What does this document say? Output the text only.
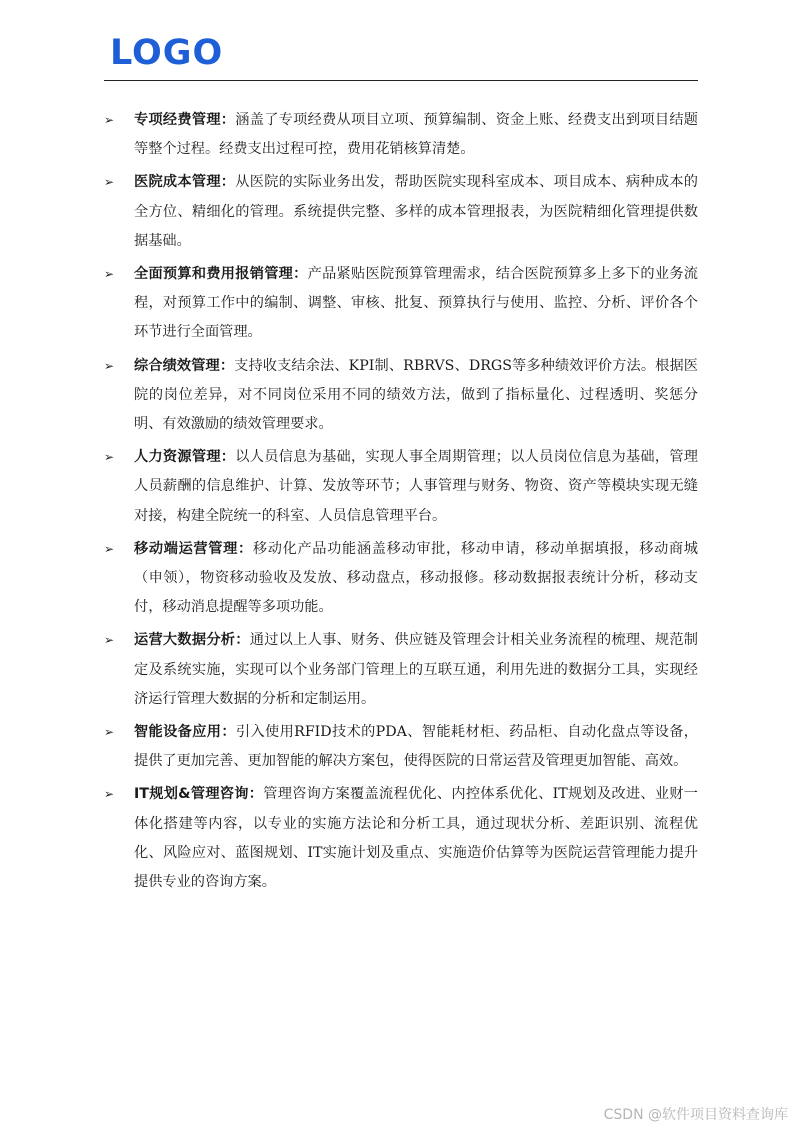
LOGO
➢ 专项经费管理：涵盖了专项经费从项目立项、预算编制、资金上账、经费支出到项目结题等整个过程。经费支出过程可控，费用花销核算清楚。
➢ 医院成本管理：从医院的实际业务出发，帮助医院实现科室成本、项目成本、病种成本的全方位、精细化的管理。系统提供完整、多样的成本管理报表，为医院精细化管理提供数据基础。
➢ 全面预算和费用报销管理：产品紧贴医院预算管理需求，结合医院预算多上多下的业务流程，对预算工作中的编制、调整、审核、批复、预算执行与使用、监控、分析、评价各个环节进行全面管理。
➢ 综合绩效管理：支持收支结余法、KPI制、RBRVS、DRGS等多种绩效评价方法。根据医院的岗位差异，对不同岗位采用不同的绩效方法，做到了指标量化、过程透明、奖惩分明、有效激励的绩效管理要求。
➢ 人力资源管理：以人员信息为基础，实现人事全周期管理；以人员岗位信息为基础，管理人员薪酬的信息维护、计算、发放等环节；人事管理与财务、物资、资产等模块实现无缝对接，构建全院统一的科室、人员信息管理平台。
➢ 移动端运营管理：移动化产品功能涵盖移动审批，移动申请，移动单据填报，移动商城（申领），物资移动验收及发放、移动盘点，移动报修。移动数据报表统计分析，移动支付，移动消息提醒等多项功能。
➢ 运营大数据分析：通过以上人事、财务、供应链及管理会计相关业务流程的梳理、规范制定及系统实施，实现可以个业务部门管理上的互联互通，利用先进的数据分工具，实现经济运行管理大数据的分析和定制运用。
➢ 智能设备应用：引入使用RFID技术的PDA、智能耗材柜、药品柜、自动化盘点等设备，提供了更加完善、更加智能的解决方案包，使得医院的日常运营及管理更加智能、高效。
➢ IT规划&管理咨询：管理咨询方案覆盖流程优化、内控体系优化、IT规划及改进、业财一体化搭建等内容，以专业的实施方法论和分析工具，通过现状分析、差距识别、流程优化、风险应对、蓝图规划、IT实施计划及重点、实施造价估算等为医院运营管理能力提升提供专业的咨询方案。
CSDN @软件项目资料查询库
